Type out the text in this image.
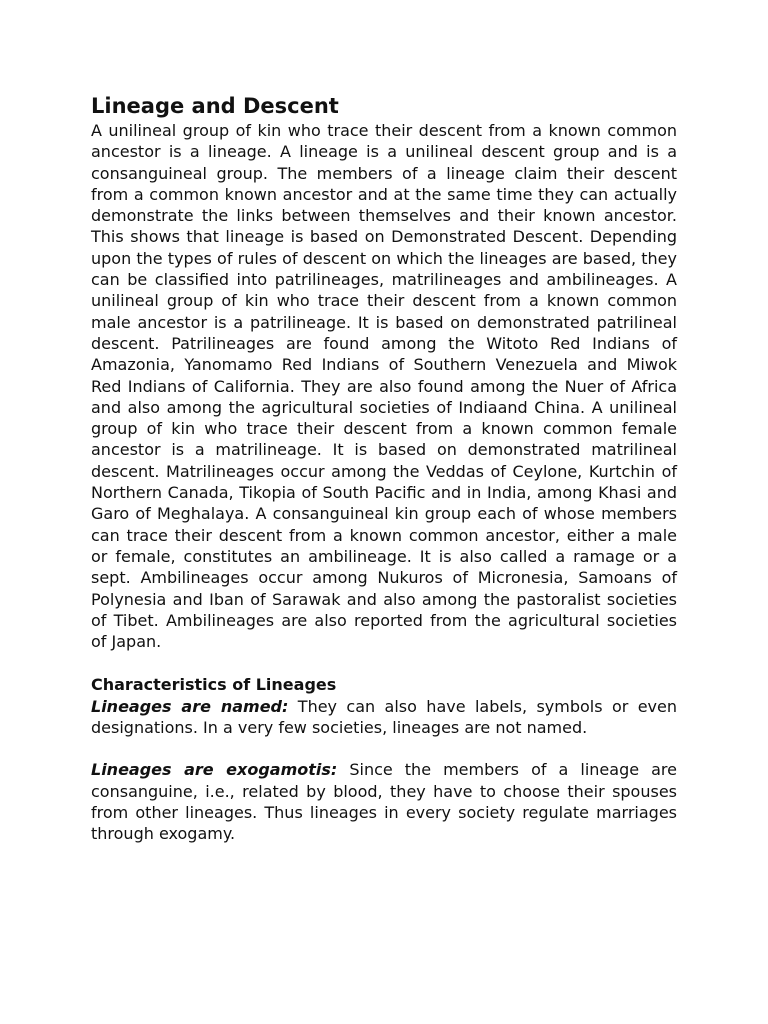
Lineage and Descent

A unilineal group of kin who trace their descent from a known common ancestor is a lineage. A lineage is a unilineal descent group and is a consanguineal group. The members of a lineage claim their descent from a common known ancestor and at the same time they can actually demonstrate the links between themselves and their known ancestor. This shows that lineage is based on Demonstrated Descent. Depending upon the types of rules of descent on which the lineages are based, they can be classified into patrilineages, matrilineages and ambilineages. A unilineal group of kin who trace their descent from a known common male ancestor is a patrilineage. It is based on demonstrated patrilineal descent. Patrilineages are found among the Witoto Red Indians of Amazonia, Yanomamo Red Indians of Southern Venezuela and Miwok Red Indians of California. They are also found among the Nuer of Africa and also among the agricultural societies of Indiaand China. A unilineal group of kin who trace their descent from a known common female ancestor is a matrilineage. It is based on demonstrated matrilineal descent. Matrilineages occur among the Veddas of Ceylone, Kurtchin of Northern Canada, Tikopia of South Pacific and in India, among Khasi and Garo of Meghalaya. A consanguineal kin group each of whose members can trace their descent from a known common ancestor, either a male or female, constitutes an ambilineage. It is also called a ramage or a sept. Ambilineages occur among Nukuros of Micronesia, Samoans of Polynesia and Iban of Sarawak and also among the pastoralist societies of Tibet. Ambilineages are also reported from the agricultural societies of Japan.

Characteristics of Lineages

Lineages are named: They can also have labels, symbols or even designations. In a very few societies, lineages are not named.

Lineages are exogamotis: Since the members of a lineage are consanguine, i.e., related by blood, they have to choose their spouses from other lineages. Thus lineages in every society regulate marriages through exogamy.
